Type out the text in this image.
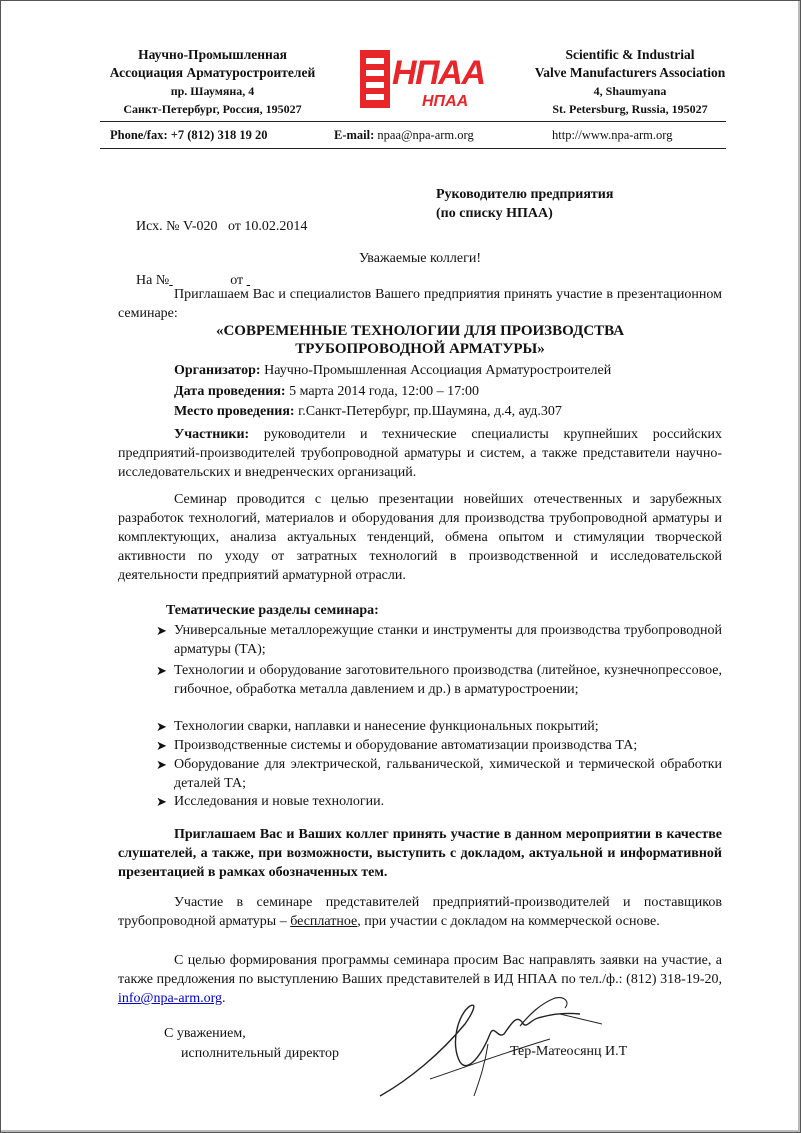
Научно-Промышленная
Ассоциация Арматуростроителей
пр. Шаумяна, 4
Санкт-Петербург, Россия, 195027
НПАА
НПАА
Scientific & Industrial
Valve Manufacturers Association
4, Shaumyana
St. Petersburg, Russia, 195027
Phone/fax: +7 (812) 318 19 20	E-mail: npaa@npa-arm.org	http://www.npa-arm.org

Исх. № V-020   от 10.02.2014

На №	от

Руководителю предприятия
(по списку НПАА)
Уважаемые коллеги!
Приглашаем Вас и специалистов Вашего предприятия принять участие в презентационном семинаре:
«СОВРЕМЕННЫЕ ТЕХНОЛОГИИ ДЛЯ ПРОИЗВОДСТВА
ТРУБОПРОВОДНОЙ АРМАТУРЫ»
Организатор: Научно-Промышленная Ассоциация Арматуростроителей
Дата проведения: 5 марта 2014 года, 12:00 – 17:00
Место проведения: г.Санкт-Петербург, пр.Шаумяна, д.4, ауд.307
Участники: руководители и технические специалисты крупнейших российских предприятий-производителей трубопроводной арматуры и систем, а также представители научно-исследовательских и внедренческих организаций.
Семинар проводится с целью презентации новейших отечественных и зарубежных разработок технологий, материалов и оборудования для производства трубопроводной арматуры и комплектующих, анализа актуальных тенденций, обмена опытом и стимуляции творческой активности по уходу от затратных технологий в производственной и исследовательской деятельности предприятий арматурной отрасли.
Тематические разделы семинара:
➤ Универсальные металлорежущие станки и инструменты для производства трубопроводной арматуры (ТА);
➤ Технологии и оборудование заготовительного производства (литейное, кузнечнопрессовое, гибочное, обработка металла давлением и др.) в арматуростроении;
➤ Технологии сварки, наплавки и нанесение функциональных покрытий;
➤ Производственные системы и оборудование автоматизации производства ТА;
➤ Оборудование для электрической, гальванической, химической и термической обработки деталей ТА;
➤ Исследования и новые технологии.
Приглашаем Вас и Ваших коллег принять участие в данном мероприятии в качестве слушателей, а также, при возможности, выступить с докладом, актуальной и информативной презентацией в рамках обозначенных тем.
Участие в семинаре представителей предприятий-производителей и поставщиков трубопроводной арматуры – бесплатное, при участии с докладом на коммерческой основе.
С целью формирования программы семинара просим Вас направлять заявки на участие, а также предложения по выступлению Ваших представителей в ИД НПАА по тел./ф.: (812) 318-19-20, info@npa-arm.org.
С уважением,
исполнительный директор	Тер-Матеосянц И.Т
